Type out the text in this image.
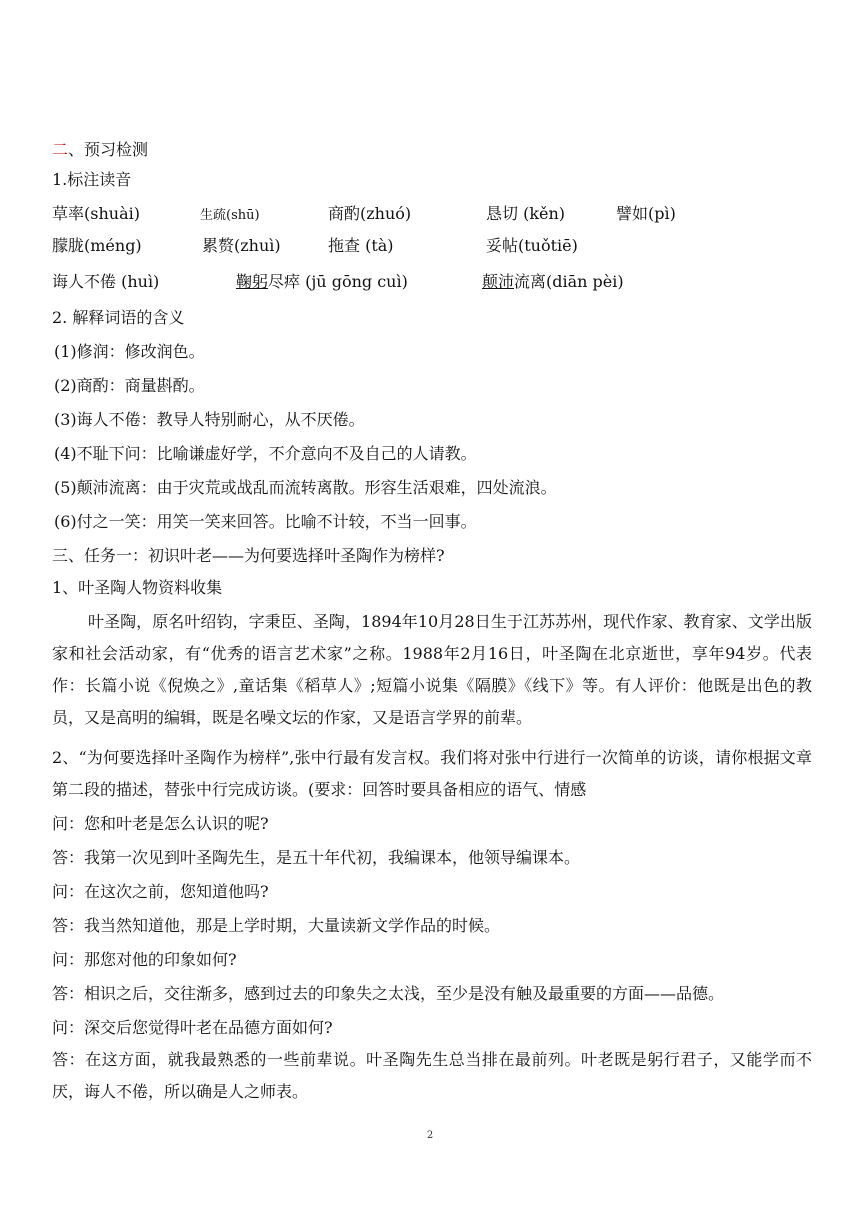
二、预习检测
1.标注读音
草率(shuài)	生疏(shū)	商酌(zhuó)	恳切 (kěn)	譬如(pì)
朦胧(méng)	累赘(zhuì)	拖查 (tà)	妥帖(tuǒtiē)
诲人不倦 (huì)	鞠躬尽瘁 (jū gōng cuì)	颠沛流离(diān pèi)
2. 解释词语的含义
(1)修润：修改润色。
(2)商酌：商量斟酌。
(3)诲人不倦：教导人特别耐心，从不厌倦。
(4)不耻下问：比喻谦虚好学，不介意向不及自己的人请教。
(5)颠沛流离：由于灾荒或战乱而流转离散。形容生活艰难，四处流浪。
(6)付之一笑：用笑一笑来回答。比喻不计较，不当一回事。
三、任务一：初识叶老——为何要选择叶圣陶作为榜样?
1、叶圣陶人物资料收集
叶圣陶，原名叶绍钧，字秉臣、圣陶，1894年10月28日生于江苏苏州，现代作家、教育家、文学出版家和社会活动家，有“优秀的语言艺术家”之称。1988年2月16日，叶圣陶在北京逝世，享年94岁。代表作：长篇小说《倪焕之》,童话集《稻草人》;短篇小说集《隔膜》《线下》等。有人评价：他既是出色的教员，又是高明的编辑，既是名噪文坛的作家，又是语言学界的前辈。
2、“为何要选择叶圣陶作为榜样”,张中行最有发言权。我们将对张中行进行一次简单的访谈，请你根据文章第二段的描述，替张中行完成访谈。(要求：回答时要具备相应的语气、情感
问：您和叶老是怎么认识的呢?
答：我第一次见到叶圣陶先生，是五十年代初，我编课本，他领导编课本。
问：在这次之前，您知道他吗?
答：我当然知道他，那是上学时期，大量读新文学作品的时候。
问：那您对他的印象如何?
答：相识之后，交往渐多，感到过去的印象失之太浅，至少是没有触及最重要的方面——品德。
问：深交后您觉得叶老在品德方面如何?
答：在这方面，就我最熟悉的一些前辈说。叶圣陶先生总当排在最前列。叶老既是躬行君子，又能学而不厌，诲人不倦，所以确是人之师表。
2
